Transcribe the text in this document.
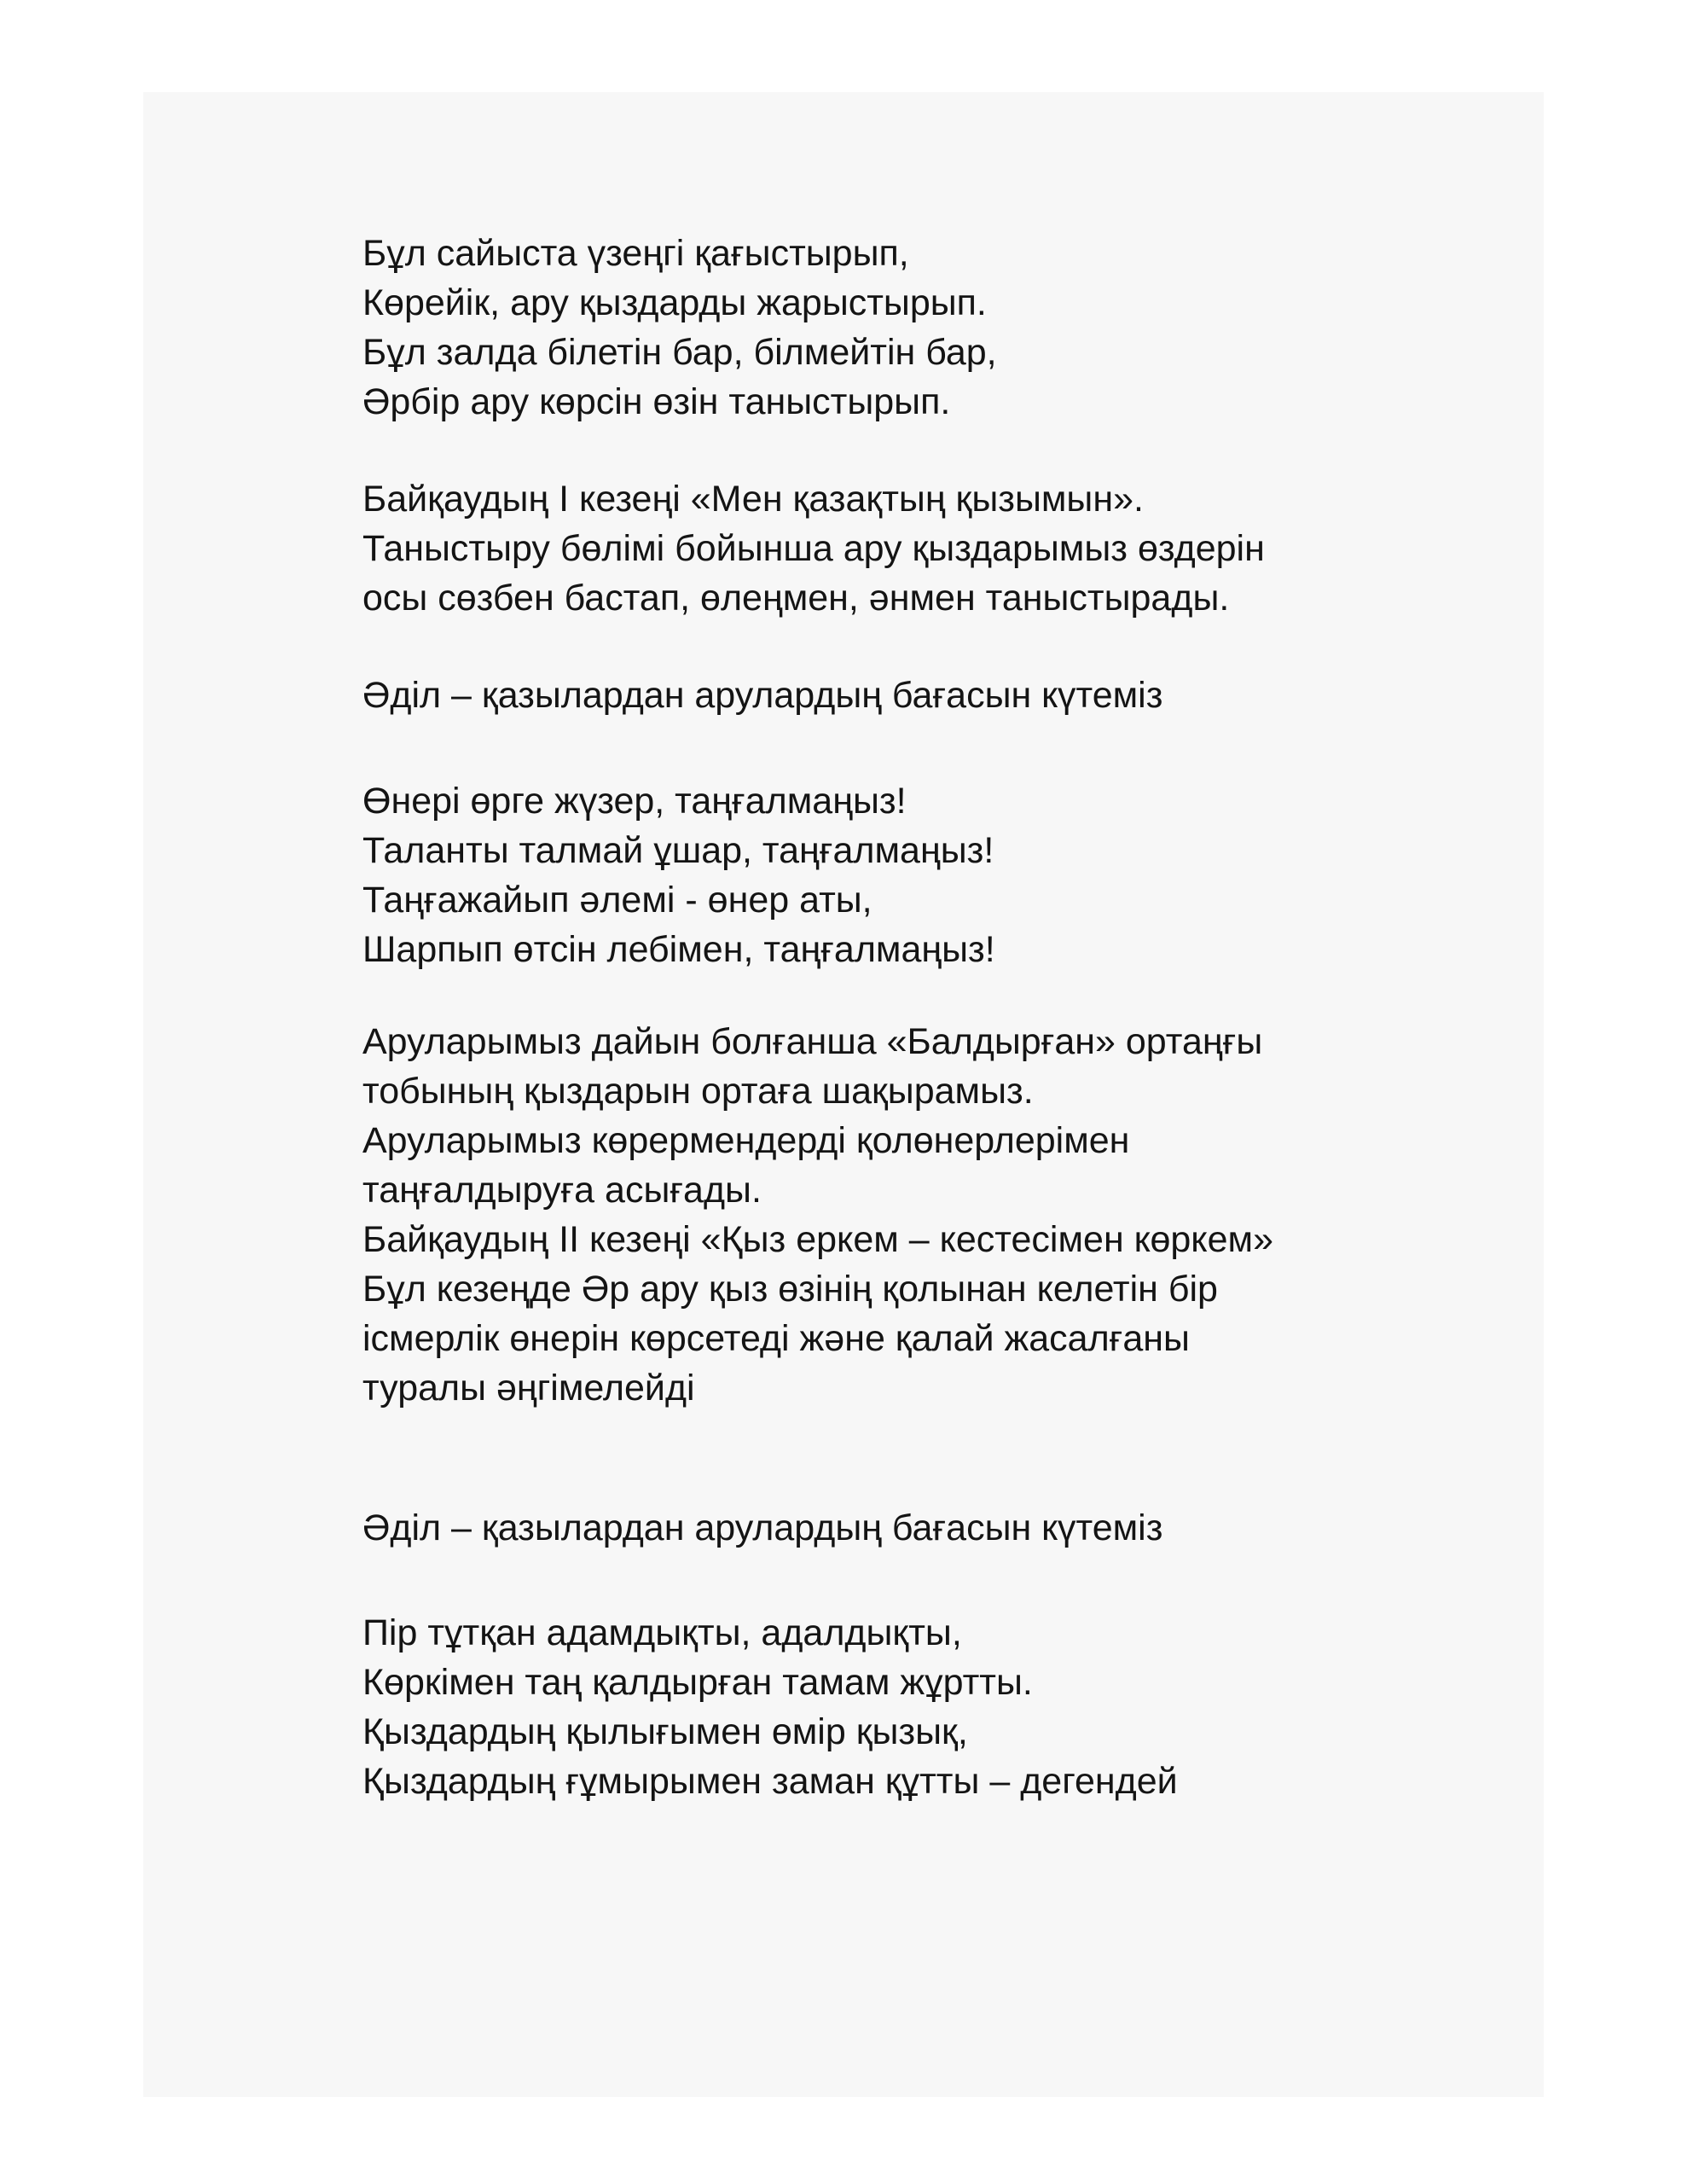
Бұл сайыста үзеңгі қағыстырып,
Көрейік, ару қыздарды жарыстырып.
Бұл залда білетін бар, білмейтін бар,
Әрбір ару көрсін өзін таныстырып.
Байқаудың І кезеңі «Мен қазақтың қызымын».
Таныстыру бөлімі бойынша ару қыздарымыз өздерін
осы сөзбен бастап, өлеңмен, әнмен таныстырады.
Әділ – қазылардан арулардың бағасын күтеміз
Өнері өрге жүзер, таңғалмаңыз!
Таланты талмай ұшар, таңғалмаңыз!
Таңғажайып әлемі - өнер аты,
Шарпып өтсін лебімен, таңғалмаңыз!
Аруларымыз дайын болғанша «Балдырған» ортаңғы
тобының қыздарын ортаға шақырамыз.
Аруларымыз көрермендерді қолөнерлерімен
таңғалдыруға асығады.
Байқаудың ІІ кезеңі «Қыз еркем – кестесімен көркем»
Бұл кезеңде Әр ару қыз өзінің қолынан келетін бір
ісмерлік өнерін көрсетеді және қалай жасалғаны
туралы әңгімелейді
Әділ – қазылардан арулардың бағасын күтеміз
Пір тұтқан адамдықты, адалдықты,
Көркімен таң қалдырған тамам жұртты.
Қыздардың қылығымен өмір қызық,
Қыздардың ғұмырымен заман құтты – дегендей
